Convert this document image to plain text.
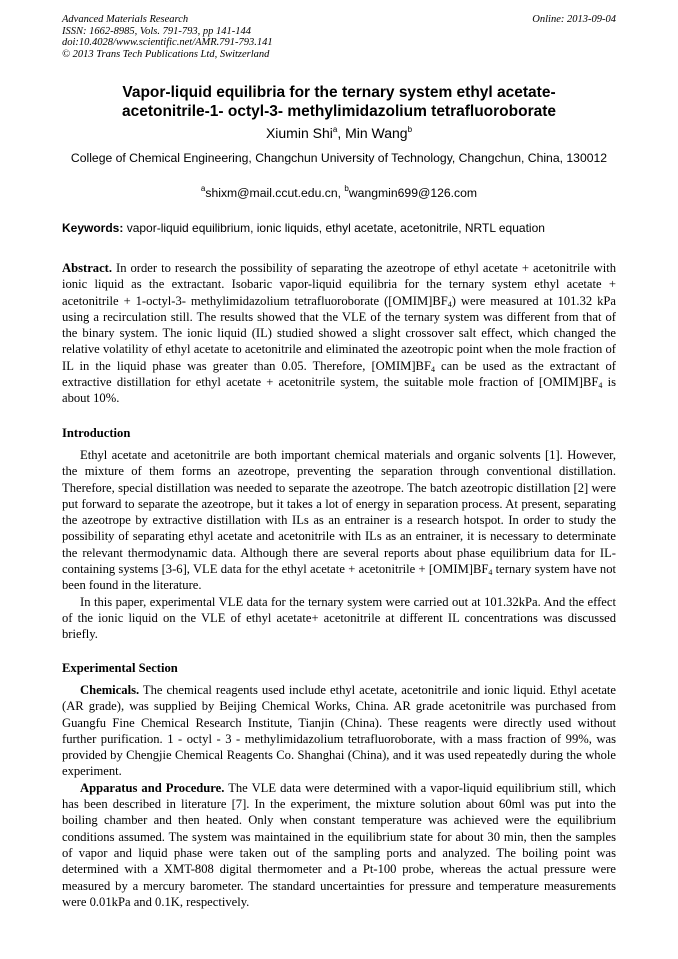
Advanced Materials Research
ISSN: 1662-8985, Vols. 791-793, pp 141-144
doi:10.4028/www.scientific.net/AMR.791-793.141
© 2013 Trans Tech Publications Ltd, Switzerland
Online: 2013-09-04
Vapor-liquid equilibria for the ternary system ethyl acetate-
acetonitrile-1- octyl-3- methylimidazolium tetrafluoroborate
Xiumin Shi$^a$, Min Wang$^b$
College of Chemical Engineering, Changchun University of Technology, Changchun, China, 130012
$^a$shixm@mail.ccut.edu.cn, $^b$wangmin699@126.com
Keywords: vapor-liquid equilibrium, ionic liquids, ethyl acetate, acetonitrile, NRTL equation

Abstract. In order to research the possibility of separating the azeotrope of ethyl acetate + acetonitrile with ionic liquid as the extractant. Isobaric vapor-liquid equilibria for the ternary system ethyl acetate + acetonitrile + 1-octyl-3- methylimidazolium tetrafluoroborate $([OMIM]BF_4)$ were measured at 101.32 kPa using a recirculation still. The results showed that the VLE of the ternary system was different from that of the binary system. The ionic liquid (IL) studied showed a slight crossover salt effect, which changed the relative volatility of ethyl acetate to acetonitrile and eliminated the azeotropic point when the mole fraction of IL in the liquid phase was greater than 0.05. Therefore, $[OMIM]BF_4$ can be used as the extractant of extractive distillation for ethyl acetate + acetonitrile system, the suitable mole fraction of $[OMIM]BF_4$ is about 10%.

Introduction

Ethyl acetate and acetonitrile are both important chemical materials and organic solvents [1]. However, the mixture of them forms an azeotrope, preventing the separation through conventional distillation. Therefore, special distillation was needed to separate the azeotrope. The batch azeotropic distillation [2] were put forward to separate the azeotrope, but it takes a lot of energy in separation process. At present, separating the azeotrope by extractive distillation with ILs as an entrainer is a research hotspot. In order to study the possibility of separating ethyl acetate and acetonitrile with ILs as an entrainer, it is necessary to determinate the relevant thermodynamic data. Although there are several reports about phase equilibrium data for IL-containing systems [3-6], VLE data for the ethyl acetate + acetonitrile + $[OMIM]BF_4$ ternary system have not been found in the literature.

In this paper, experimental VLE data for the ternary system were carried out at 101.32kPa. And the effect of the ionic liquid on the VLE of ethyl acetate+ acetonitrile at different IL concentrations was discussed briefly.

Experimental Section

Chemicals. The chemical reagents used include ethyl acetate, acetonitrile and ionic liquid. Ethyl acetate (AR grade), was supplied by Beijing Chemical Works, China. AR grade acetonitrile was purchased from Guangfu Fine Chemical Research Institute, Tianjin (China). These reagents were directly used without further purification. 1 - octyl - 3 - methylimidazolium tetrafluoroborate, with a mass fraction of 99%, was provided by Chengjie Chemical Reagents Co. Shanghai (China), and it was used repeatedly during the whole experiment.

Apparatus and Procedure. The VLE data were determined with a vapor-liquid equilibrium still, which has been described in literature [7]. In the experiment, the mixture solution about 60ml was put into the boiling chamber and then heated. Only when constant temperature was achieved were the equilibrium conditions assumed. The system was maintained in the equilibrium state for about 30 min, then the samples of vapor and liquid phase were taken out of the sampling ports and analyzed. The boiling point was determined with a XMT-808 digital thermometer and a Pt-100 probe, whereas the actual pressure were measured by a mercury barometer. The standard uncertainties for pressure and temperature measurements were 0.01kPa and 0.1K, respectively.
